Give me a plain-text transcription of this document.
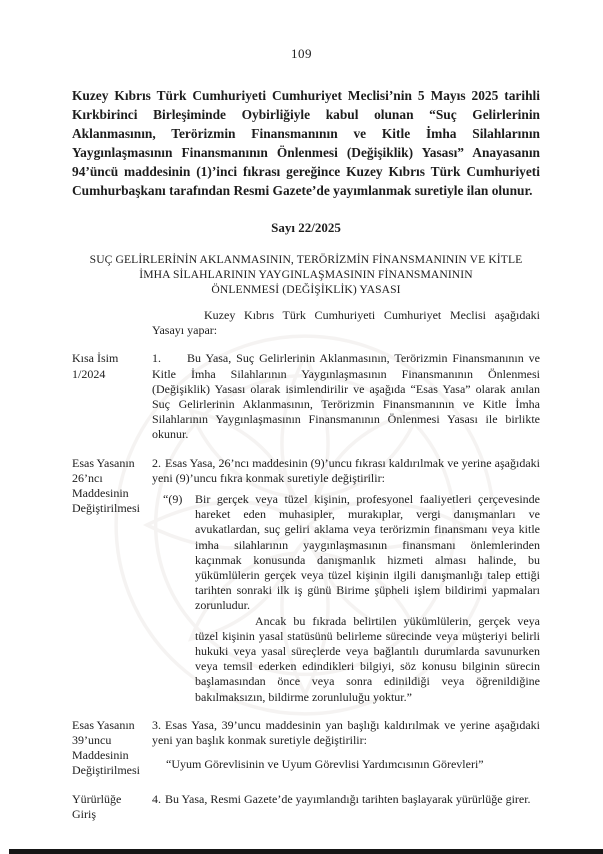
109

Kuzey Kıbrıs Türk Cumhuriyeti Cumhuriyet Meclisi’nin 5 Mayıs 2025 tarihli Kırkbirinci Birleşiminde Oybirliğiyle kabul olunan “Suç Gelirlerinin Aklanmasının, Terörizmin Finansmanının ve Kitle İmha Silahlarının Yaygınlaşmasının Finansmanının Önlenmesi (Değişiklik) Yasası” Anayasanın 94’üncü maddesinin (1)’inci fıkrası gereğince Kuzey Kıbrıs Türk Cumhuriyeti Cumhurbaşkanı tarafından Resmi Gazete’de yayımlanmak suretiyle ilan olunur.

Sayı 22/2025
SUÇ GELİRLERİNİN AKLANMASININ, TERÖRİZMİN FİNANSMANININ VE KİTLE
İMHA SİLAHLARININ YAYGINLAŞMASININ FİNANSMANININ
ÖNLENMESİ (DEĞİŞİKLİK) YASASI

Kuzey Kıbrıs Türk Cumhuriyeti Cumhuriyet Meclisi aşağıdaki Yasayı yapar:

Kısa İsim
1/2024

1. Bu Yasa, Suç Gelirlerinin Aklanmasının, Terörizmin Finansmanının ve Kitle İmha Silahlarının Yaygınlaşmasının Finansmanının Önlenmesi (Değişiklik) Yasası olarak isimlendirilir ve aşağıda “Esas Yasa” olarak anılan Suç Gelirlerinin Aklanmasının, Terörizmin Finansmanının ve Kitle İmha Silahlarının Yaygınlaşmasının Finansmanının Önlenmesi Yasası ile birlikte okunur.

Esas Yasanın
26’ncı
Maddesinin
Değiştirilmesi

2. Esas Yasa, 26’ncı maddesinin (9)’uncu fıkrası kaldırılmak ve yerine aşağıdaki yeni (9)’uncu fıkra konmak suretiyle değiştirilir:

“(9)	Bir gerçek veya tüzel kişinin, profesyonel faaliyetleri çerçevesinde hareket eden muhasipler, murakıplar, vergi danışmanları ve avukatlardan, suç geliri aklama veya terörizmin finansmanı veya kitle imha silahlarının yaygınlaşmasının finansmanı önlemlerinden kaçınmak konusunda danışmanlık hizmeti alması halinde, bu yükümlülerin gerçek veya tüzel kişinin ilgili danışmanlığı talep ettiği tarihten sonraki ilk iş günü Birime şüpheli işlem bildirimi yapmaları zorunludur.

Ancak bu fıkrada belirtilen yükümlülerin, gerçek veya tüzel kişinin yasal statüsünü belirleme sürecinde veya müşteriyi belirli hukuki veya yasal süreçlerde veya bağlantılı durumlarda savunurken veya temsil ederken edindikleri bilgiyi, söz konusu bilginin sürecin başlamasından önce veya sonra edinildiği veya öğrenildiğine bakılmaksızın, bildirme zorunluluğu yoktur.”

Esas Yasanın
39’uncu
Maddesinin
Değiştirilmesi

3. Esas Yasa, 39’uncu maddesinin yan başlığı kaldırılmak ve yerine aşağıdaki yeni yan başlık konmak suretiyle değiştirilir:

“Uyum Görevlisinin ve Uyum Görevlisi Yardımcısının Görevleri”
Yürürlüğe
Giriş

4. Bu Yasa, Resmi Gazete’de yayımlandığı tarihten başlayarak yürürlüğe girer.
